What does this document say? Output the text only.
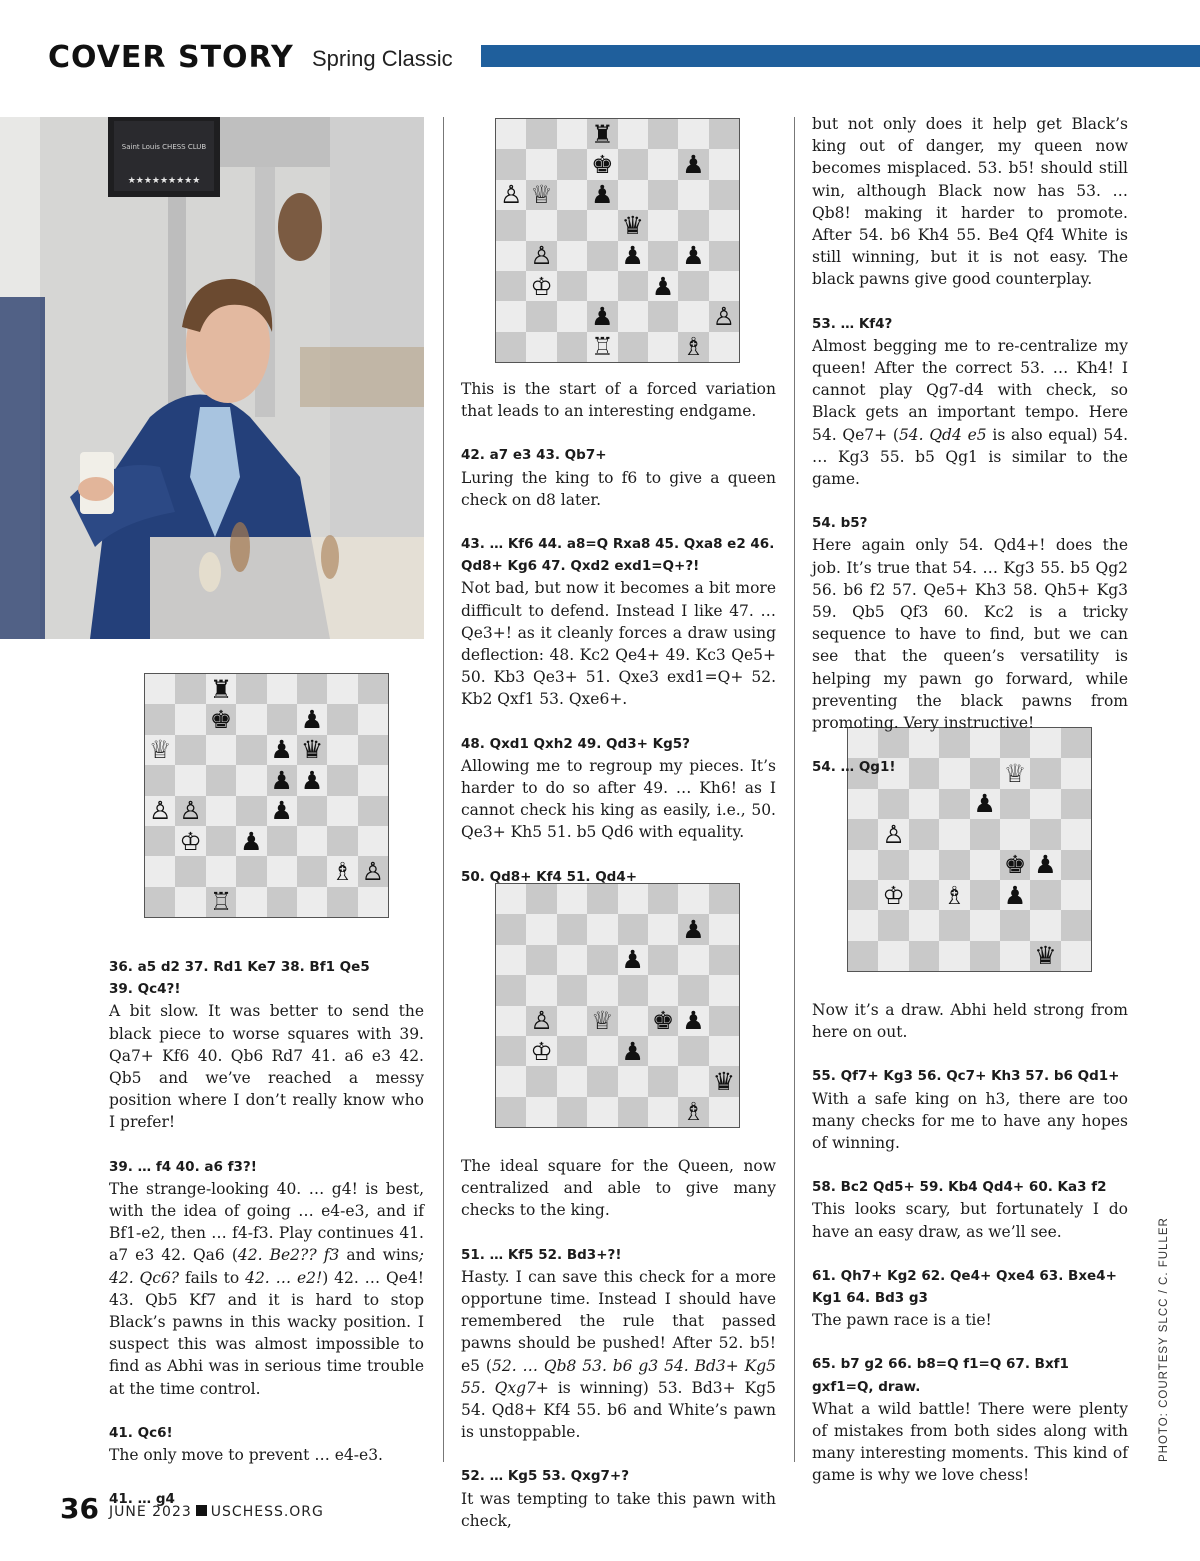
COVER STORY Spring Classic
Saint Louis CHESS CLUB
★★★★★★★★★
♜
♚	♟
♕	♟ ♛
♟ ♟
♙ ♙	♟
♔ ♟
♗ ♙
♖
♜
♚	♟
♙ ♕ ♟
♛
♙	♟ ♟
♔	♟
♟	♙
♖	♗
♟
♟
♙ ♕ ♚ ♟
♔	♟
♛
♗
♕
♟
♙
♚ ♟
♔ ♗ ♟
♛
36. a5 d2 37. Rd1 Ke7 38. Bf1 Qe5
39. Qc4?!

A bit slow. It was better to send the black piece to worse squares with 39. Qa7+ Kf6 40. Qb6 Rd7 41. a6 e3 42. Qb5 and we’ve reached a messy position where I don’t really know who I prefer!

39. … f4 40. a6 f3?!

The strange-looking 40. … g4! is best, with the idea of going … e4-e3, and if Bf1-e2, then … f4-f3. Play continues 41. a7 e3 42. Qa6 (42. Be2?? f3 and wins; 42. Qc6? fails to 42. … e2!) 42. … Qe4! 43. Qb5 Kf7 and it is hard to stop Black’s pawns in this wacky position. I suspect this was almost impossible to find as Abhi was in serious time trouble at the time control.

41. Qc6!

The only move to prevent … e4-e3.

41. … g4

This is the start of a forced variation that leads to an interesting endgame.

42. a7 e3 43. Qb7+

Luring the king to f6 to give a queen check on d8 later.

43. … Kf6 44. a8=Q Rxa8 45. Qxa8 e2 46. Qd8+ Kg6 47. Qxd2 exd1=Q+?!

Not bad, but now it becomes a bit more difficult to defend. Instead I like 47. … Qe3+! as it cleanly forces a draw using deflection: 48. Kc2 Qe4+ 49. Kc3 Qe5+ 50. Kb3 Qe3+ 51. Qxe3 exd1=Q+ 52. Kb2 Qxf1 53. Qxe6+.

48. Qxd1 Qxh2 49. Qd3+ Kg5?

Allowing me to regroup my pieces. It’s harder to do so after 49. … Kh6! as I cannot check his king as easily, i.e., 50. Qe3+ Kh5 51. b5 Qd6 with equality.

50. Qd8+ Kf4 51. Qd4+

The ideal square for the Queen, now centralized and able to give many checks to the king.

51. … Kf5 52. Bd3+?!

Hasty. I can save this check for a more opportune time. Instead I should have remembered the rule that passed pawns should be pushed! After 52. b5! e5 (52. … Qb8 53. b6 g3 54. Bd3+ Kg5 55. Qxg7+ is winning) 53. Bd3+ Kg5 54. Qd8+ Kf4 55. b6 and White’s pawn is unstoppable.

52. … Kg5 53. Qxg7+?

It was tempting to take this pawn with check,

but not only does it help get Black’s king out of danger, my queen now becomes misplaced. 53. b5! should still win, although Black now has 53. … Qb8! making it harder to promote. After 54. b6 Kh4 55. Be4 Qf4 White is still winning, but it is not easy. The black pawns give good counterplay.

53. … Kf4?

Almost begging me to re-centralize my queen! After the correct 53. … Kh4! I cannot play Qg7-d4 with check, so Black gets an important tempo. Here 54. Qe7+ (54. Qd4 e5 is also equal) 54. … Kg3 55. b5 Qg1 is similar to the game.

54. b5?

Here again only 54. Qd4+! does the job. It’s true that 54. … Kg3 55. b5 Qg2 56. b6 f2 57. Qe5+ Kh3 58. Qh5+ Kg3 59. Qb5 Qf3 60. Kc2 is a tricky sequence to have to find, but we can see that the queen’s versatility is helping my pawn go forward, while preventing the black pawns from promoting. Very instructive!

54. … Qg1!

Now it’s a draw. Abhi held strong from here on out.

55. Qf7+ Kg3 56. Qc7+ Kh3 57. b6 Qd1+

With a safe king on h3, there are too many checks for me to have any hopes of winning.

58. Bc2 Qd5+ 59. Kb4 Qd4+ 60. Ka3 f2

This looks scary, but fortunately I do have an easy draw, as we’ll see.

61. Qh7+ Kg2 62. Qe4+ Qxe4 63. Bxe4+ Kg1 64. Bd3 g3

The pawn race is a tie!

65. b7 g2 66. b8=Q f1=Q 67. Bxf1 gxf1=Q, draw.

What a wild battle! There were plenty of mistakes from both sides along with many interesting moments. This kind of game is why we love chess!

PHOTO: COURTESY SLCC / C. FULLER
36 JUNE 2023 USCHESS.ORG
